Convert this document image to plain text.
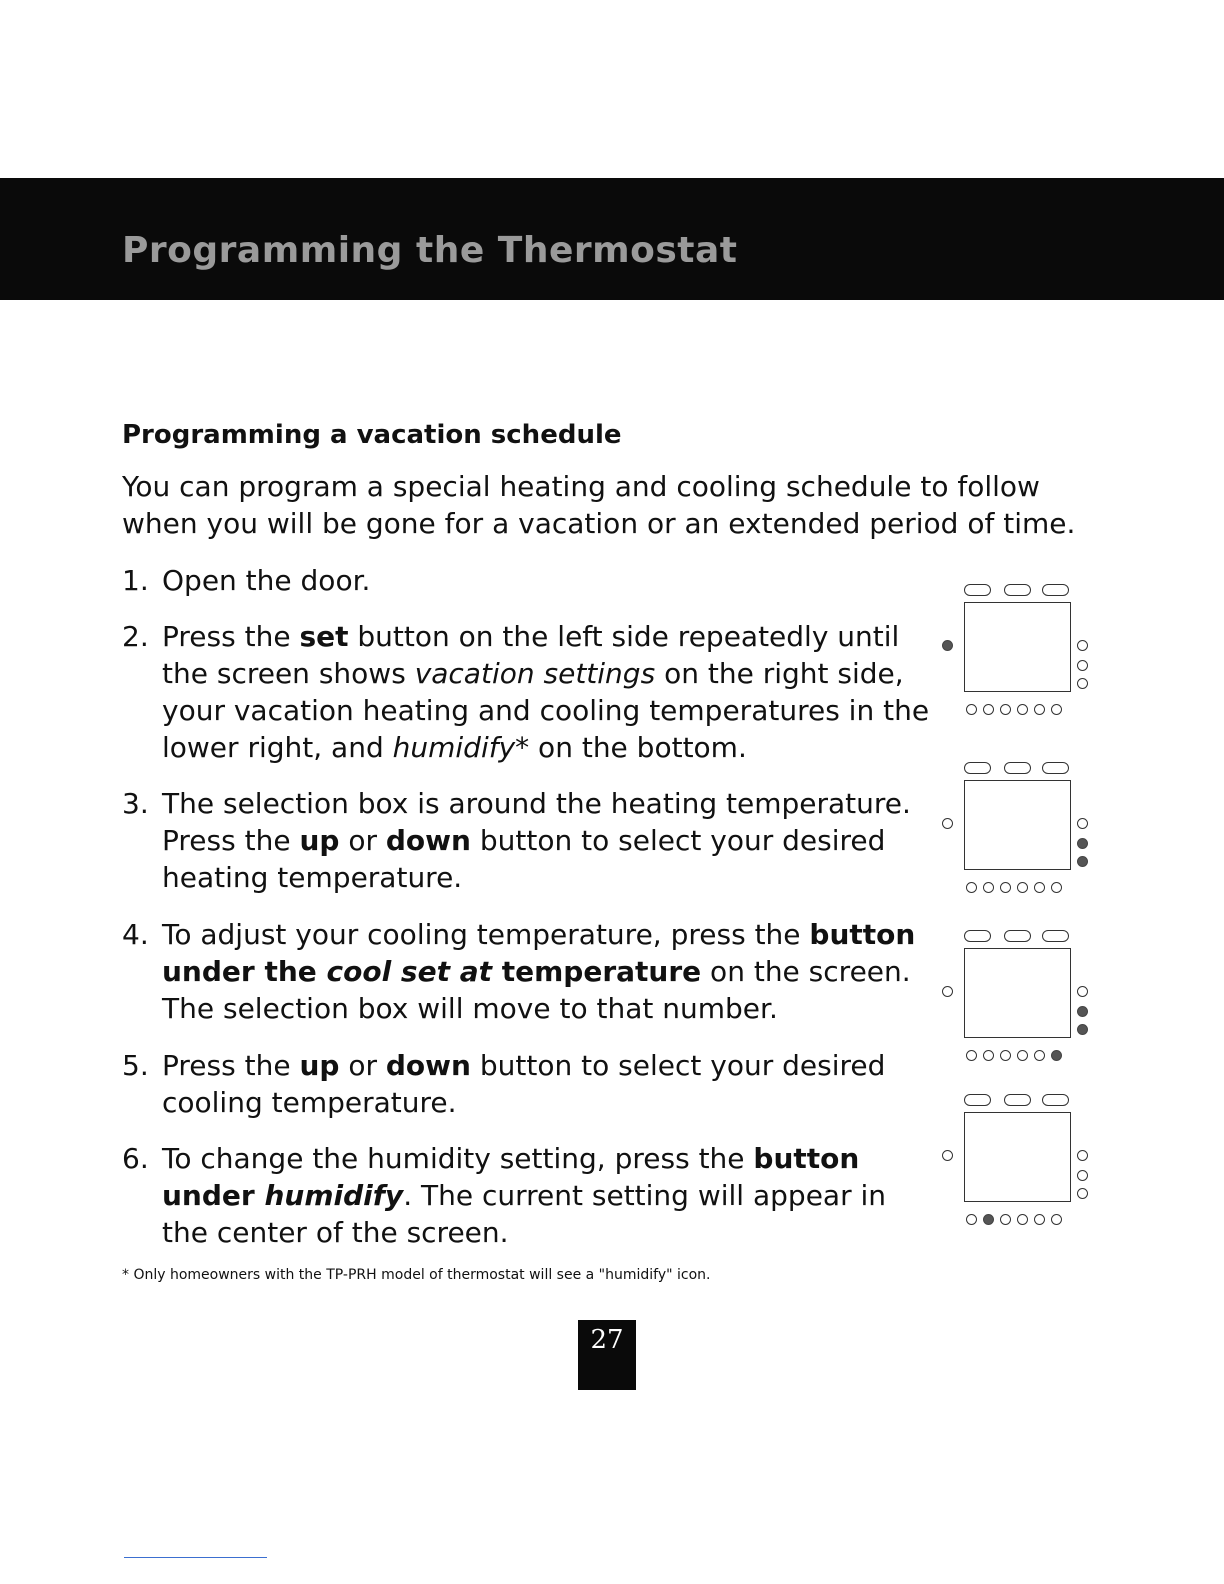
Programming the Thermostat
Programming a vacation schedule

You can program a special heating and cooling schedule to follow when you will be gone for a vacation or an extended period of time.

1. Open the door.
2. Press the set button on the left side repeatedly until the screen shows vacation settings on the right side, your vacation heating and cooling temperatures in the lower right, and humidify* on the bottom.
3. The selection box is around the heating temperature. Press the up or down button to select your desired heating temperature.
4. To adjust your cooling temperature, press the button under the cool set at temperature on the screen. The selection box will move to that number.
5. Press the up or down button to select your desired cooling temperature.
6. To change the humidity setting, press the button under humidify. The current setting will appear in the center of the screen.

* Only homeowners with the TP-PRH model of thermostat will see a "humidify" icon.

27
